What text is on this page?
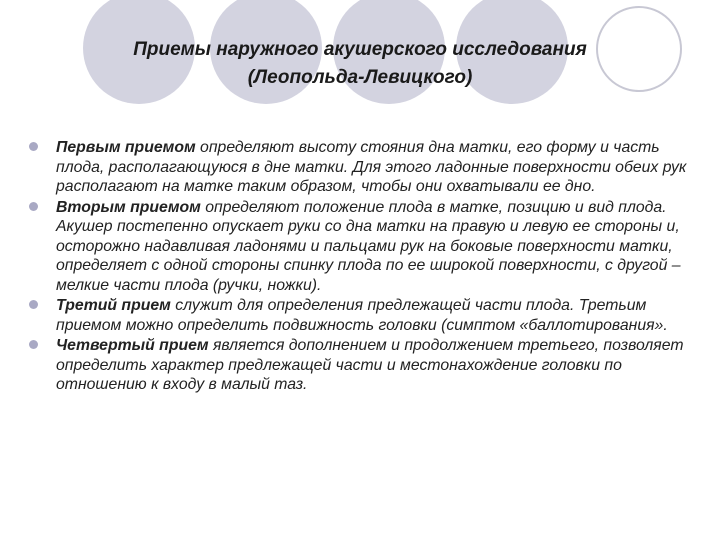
Приемы наружного акушерского исследования
(Леопольда-Левицкого)
Первым приемом определяют высоту стояния дна матки, его форму и часть плода, располагающуюся в дне матки. Для этого ладонные поверхности обеих рук располагают на матке таким образом, чтобы они охватывали ее дно.
Вторым приемом определяют положение плода в матке, позицию и вид плода. Акушер постепенно опускает руки со дна матки на правую и левую ее стороны и, осторожно надавливая ладонями и пальцами рук на боковые поверхности матки, определяет с одной стороны спинку плода по ее широкой поверхности, с другой – мелкие части плода (ручки, ножки).
Третий прием служит для определения предлежащей части плода. Третьим приемом можно определить подвижность головки (симптом «баллотирования».
Четвертый прием является дополнением и продолжением третьего, позволяет определить характер предлежащей части и местонахождение головки по отношению к входу в малый таз.
